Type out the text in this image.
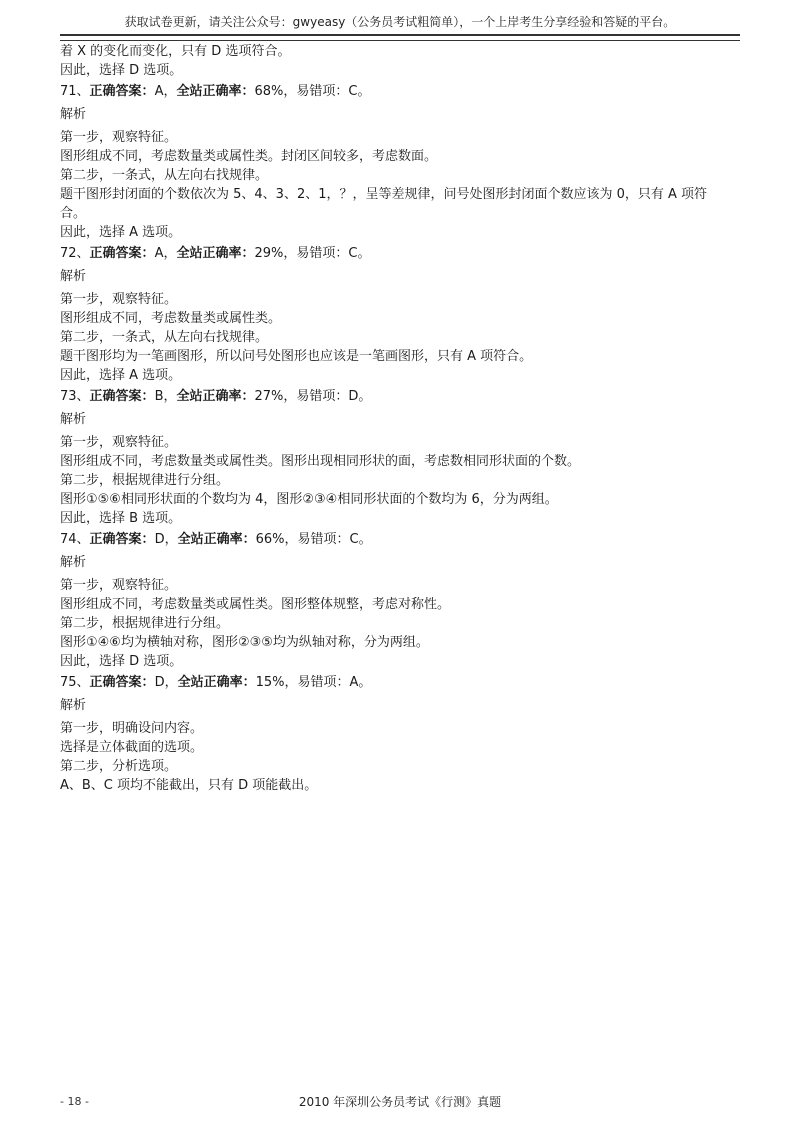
获取试卷更新，请关注公众号：gwyeasy（公务员考试粗简单），一个上岸考生分享经验和答疑的平台。
着 X 的变化而变化，只有 D 选项符合。
因此，选择 D 选项。
71、正确答案：A，全站正确率：68%，易错项：C。
解析
第一步，观察特征。
图形组成不同，考虑数量类或属性类。封闭区间较多，考虑数面。
第二步，一条式，从左向右找规律。
题干图形封闭面的个数依次为 5、4、3、2、1，？，呈等差规律，问号处图形封闭面个数应该为 0，只有 A 项符
合。
因此，选择 A 选项。
72、正确答案：A，全站正确率：29%，易错项：C。
解析
第一步，观察特征。
图形组成不同，考虑数量类或属性类。
第二步，一条式，从左向右找规律。
题干图形均为一笔画图形，所以问号处图形也应该是一笔画图形，只有 A 项符合。
因此，选择 A 选项。
73、正确答案：B，全站正确率：27%，易错项：D。
解析
第一步，观察特征。
图形组成不同，考虑数量类或属性类。图形出现相同形状的面，考虑数相同形状面的个数。
第二步，根据规律进行分组。
图形①⑤⑥相同形状面的个数均为 4，图形②③④相同形状面的个数均为 6，分为两组。
因此，选择 B 选项。
74、正确答案：D，全站正确率：66%，易错项：C。
解析
第一步，观察特征。
图形组成不同，考虑数量类或属性类。图形整体规整，考虑对称性。
第二步，根据规律进行分组。
图形①④⑥均为横轴对称，图形②③⑤均为纵轴对称，分为两组。
因此，选择 D 选项。
75、正确答案：D，全站正确率：15%，易错项：A。
解析
第一步，明确设问内容。
选择是立体截面的选项。
第二步，分析选项。
A、B、C 项均不能截出，只有 D 项能截出。
- 18 -	2010 年深圳公务员考试《行测》真题
